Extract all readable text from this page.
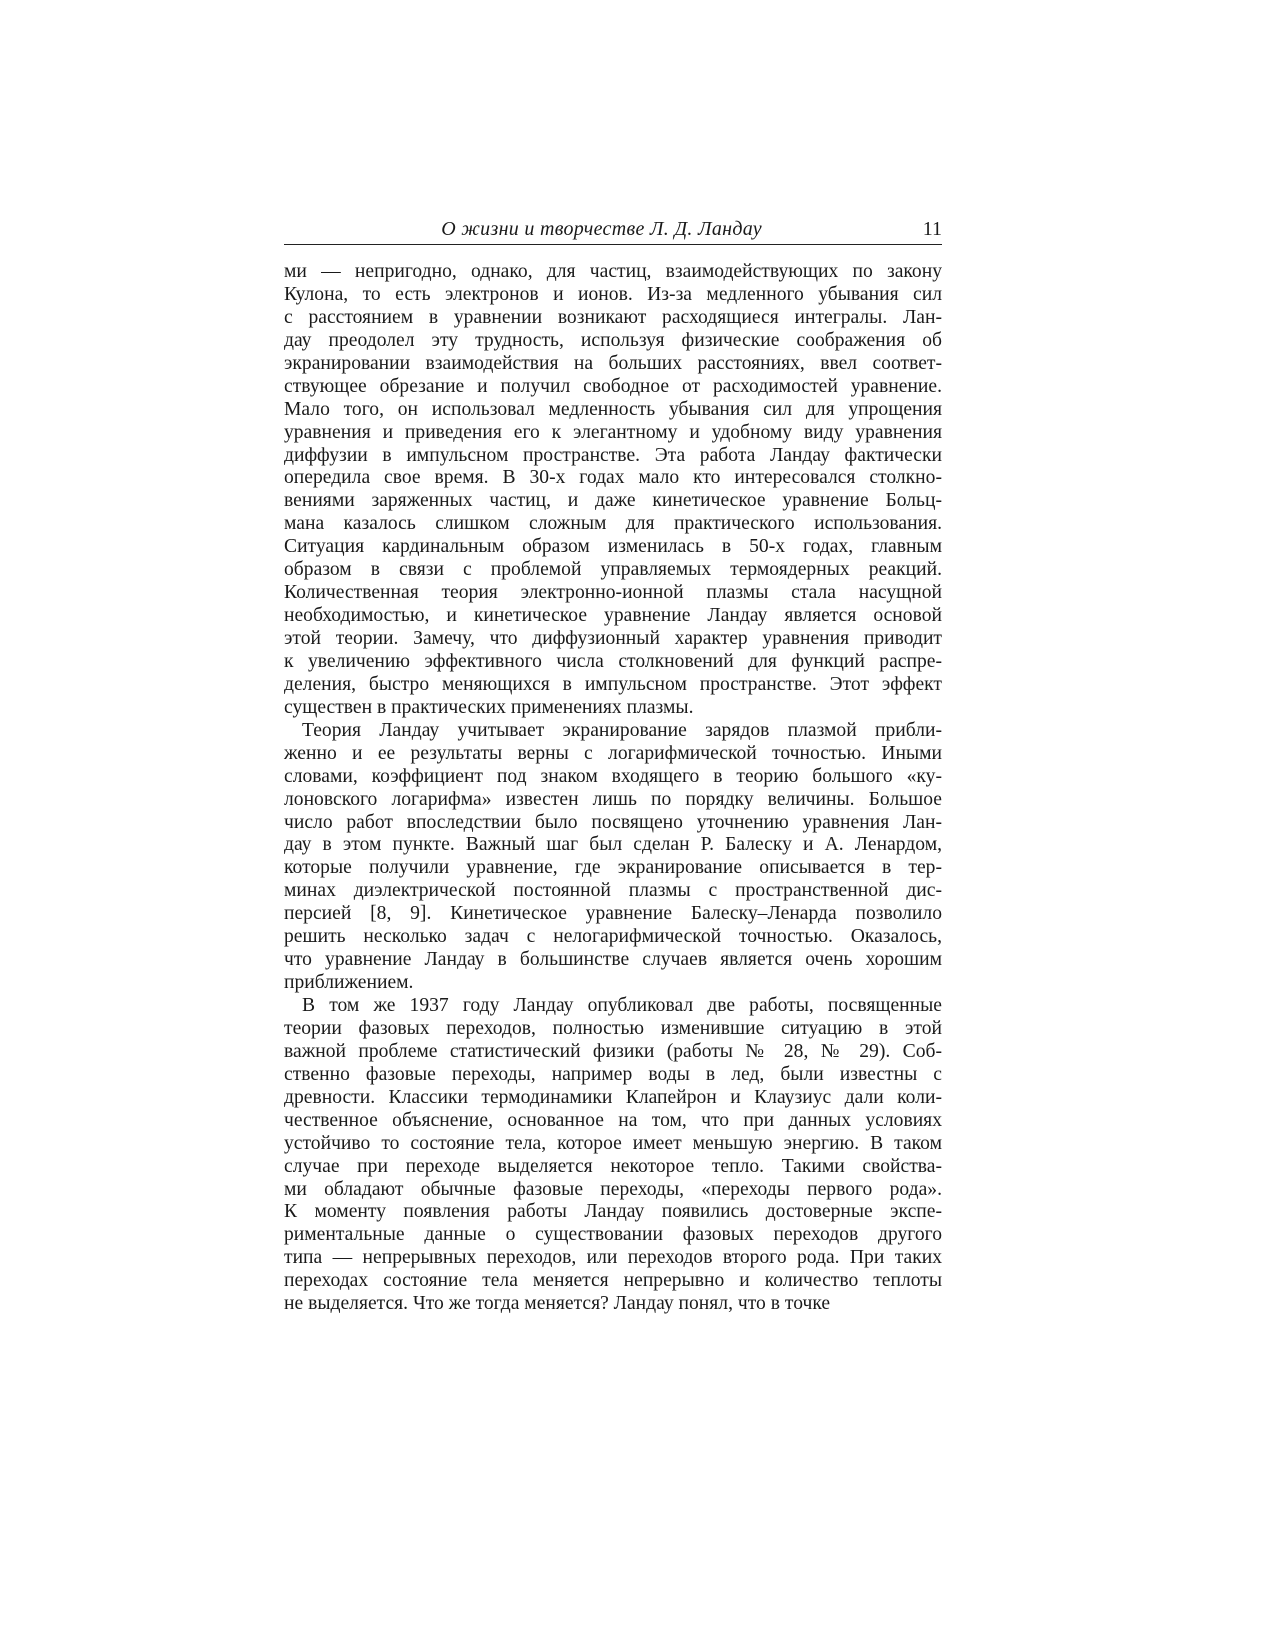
О жизни и творчестве Л. Д. Ландау	11
ми — непригодно, однако, для частиц, взаимодействующих по закону
Кулона, то есть электронов и ионов. Из-за медленного убывания сил
с расстоянием в уравнении возникают расходящиеся интегралы. Лан-
дау преодолел эту трудность, используя физические соображения об
экранировании взаимодействия на больших расстояниях, ввел соответ-
ствующее обрезание и получил свободное от расходимостей уравнение.
Мало того, он использовал медленность убывания сил для упрощения
уравнения и приведения его к элегантному и удобному виду уравнения
диффузии в импульсном пространстве. Эта работа Ландау фактически
опередила свое время. В 30-х годах мало кто интересовался столкно-
вениями заряженных частиц, и даже кинетическое уравнение Больц-
мана казалось слишком сложным для практического использования.
Ситуация кардинальным образом изменилась в 50-х годах, главным
образом в связи с проблемой управляемых термоядерных реакций.
Количественная теория электронно-ионной плазмы стала насущной
необходимостью, и кинетическое уравнение Ландау является основой
этой теории. Замечу, что диффузионный характер уравнения приводит
к увеличению эффективного числа столкновений для функций распре-
деления, быстро меняющихся в импульсном пространстве. Этот эффект
существен в практических применениях плазмы.
Теория Ландау учитывает экранирование зарядов плазмой прибли-
женно и ее результаты верны с логарифмической точностью. Иными
словами, коэффициент под знаком входящего в теорию большого «ку-
лоновского логарифма» известен лишь по порядку величины. Большое
число работ впоследствии было посвящено уточнению уравнения Лан-
дау в этом пункте. Важный шаг был сделан Р. Балеску и А. Ленардом,
которые получили уравнение, где экранирование описывается в тер-
минах диэлектрической постоянной плазмы с пространственной дис-
персией [8, 9]. Кинетическое уравнение Балеску–Ленарда позволило
решить несколько задач с нелогарифмической точностью. Оказалось,
что уравнение Ландау в большинстве случаев является очень хорошим
приближением.
В том же 1937 году Ландау опубликовал две работы, посвященные
теории фазовых переходов, полностью изменившие ситуацию в этой
важной проблеме статистический физики (работы № 28, № 29). Соб-
ственно фазовые переходы, например воды в лед, были известны с
древности. Классики термодинамики Клапейрон и Клаузиус дали коли-
чественное объяснение, основанное на том, что при данных условиях
устойчиво то состояние тела, которое имеет меньшую энергию. В таком
случае при переходе выделяется некоторое тепло. Такими свойства-
ми обладают обычные фазовые переходы, «переходы первого рода».
К моменту появления работы Ландау появились достоверные экспе-
риментальные данные о существовании фазовых переходов другого
типа — непрерывных переходов, или переходов второго рода. При таких
переходах состояние тела меняется непрерывно и количество теплоты
не выделяется. Что же тогда меняется? Ландау понял, что в точке
